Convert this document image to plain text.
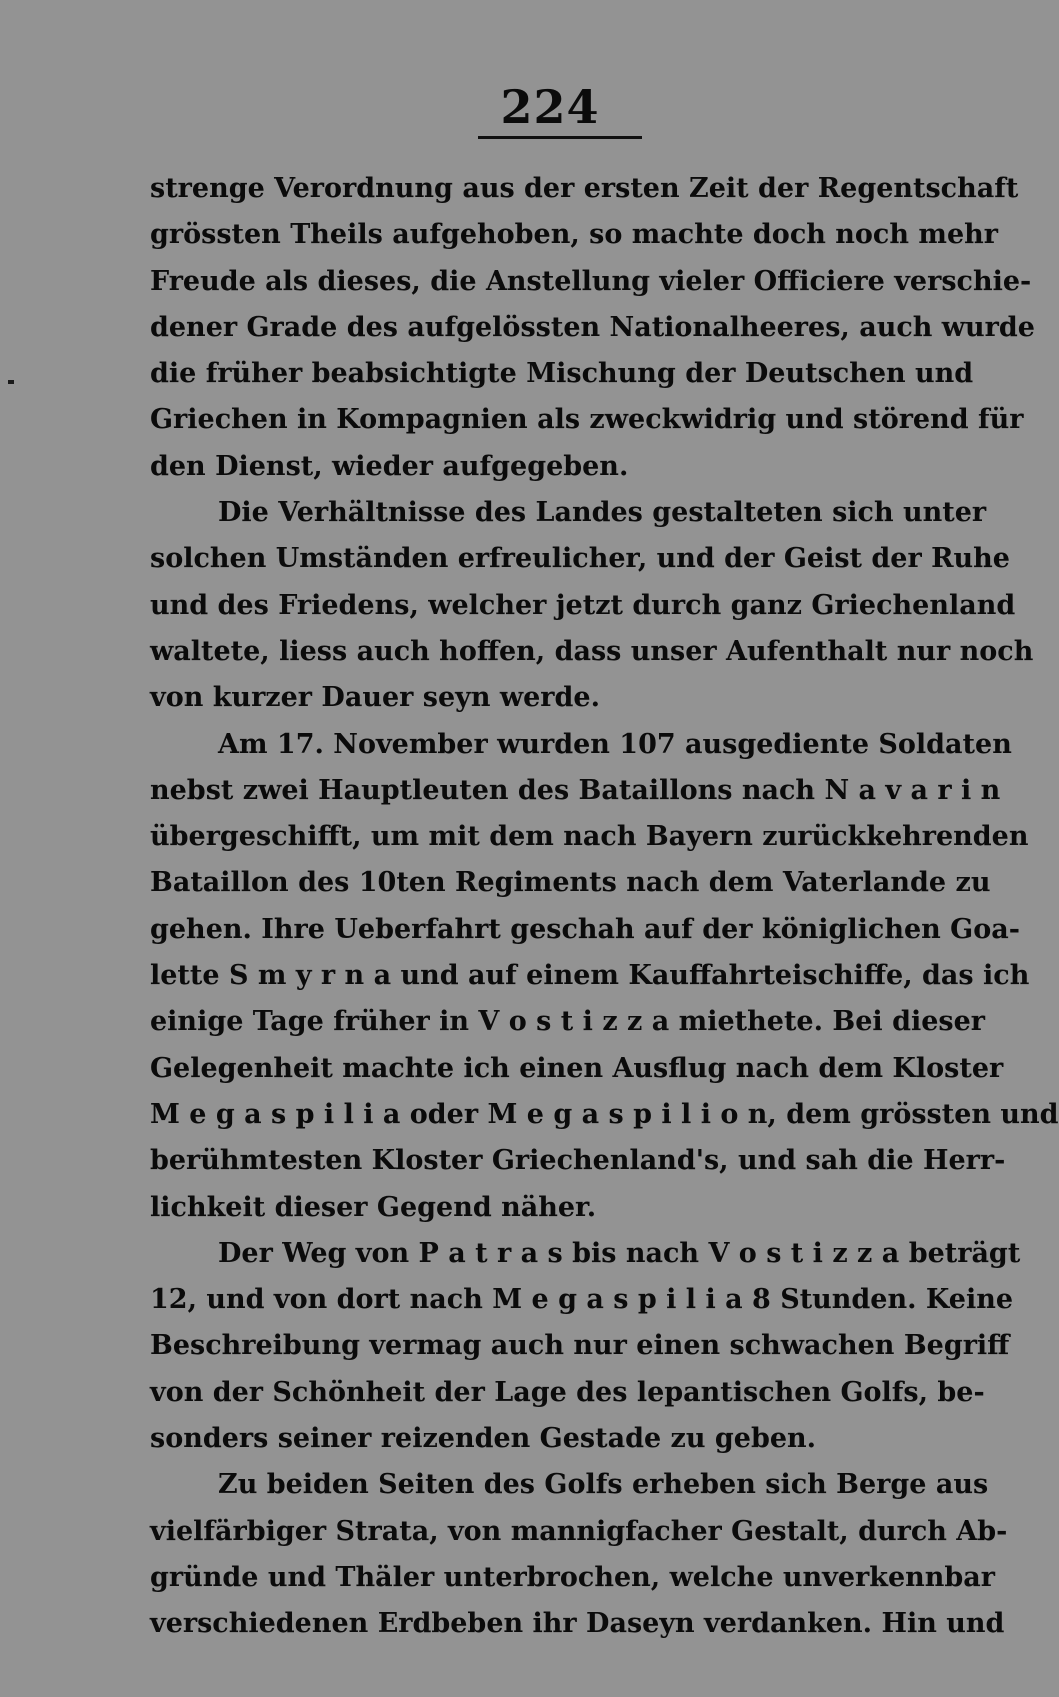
224
strenge Verordnung aus der ersten Zeit der Regentschaft
grössten Theils aufgehoben, so machte doch noch mehr
Freude als dieses, die Anstellung vieler Officiere verschie-
dener Grade des aufgelössten Nationalheeres, auch wurde
die früher beabsichtigte Mischung der Deutschen und
Griechen in Kompagnien als zweckwidrig und störend für
den Dienst, wieder aufgegeben.
Die Verhältnisse des Landes gestalteten sich unter
solchen Umständen erfreulicher, und der Geist der Ruhe
und des Friedens, welcher jetzt durch ganz Griechenland
waltete, liess auch hoffen, dass unser Aufenthalt nur noch
von kurzer Dauer seyn werde.
Am 17. November wurden 107 ausgediente Soldaten
nebst zwei Hauptleuten des Bataillons nach N a v a r i n
übergeschifft, um mit dem nach Bayern zurückkehrenden
Bataillon des 10ten Regiments nach dem Vaterlande zu
gehen. Ihre Ueberfahrt geschah auf der königlichen Goa-
lette S m y r n a und auf einem Kauffahrteischiffe, das ich
einige Tage früher in V o s t i z z a miethete. Bei dieser
Gelegenheit machte ich einen Ausflug nach dem Kloster
M e g a s p i l i a oder M e g a s p i l i o n, dem grössten und
berühmtesten Kloster Griechenland's, und sah die Herr-
lichkeit dieser Gegend näher.
Der Weg von P a t r a s bis nach V o s t i z z a beträgt
12, und von dort nach M e g a s p i l i a 8 Stunden. Keine
Beschreibung vermag auch nur einen schwachen Begriff
von der Schönheit der Lage des lepantischen Golfs, be-
sonders seiner reizenden Gestade zu geben.
Zu beiden Seiten des Golfs erheben sich Berge aus
vielfärbiger Strata, von mannigfacher Gestalt, durch Ab-
gründe und Thäler unterbrochen, welche unverkennbar
verschiedenen Erdbeben ihr Daseyn verdanken. Hin und
